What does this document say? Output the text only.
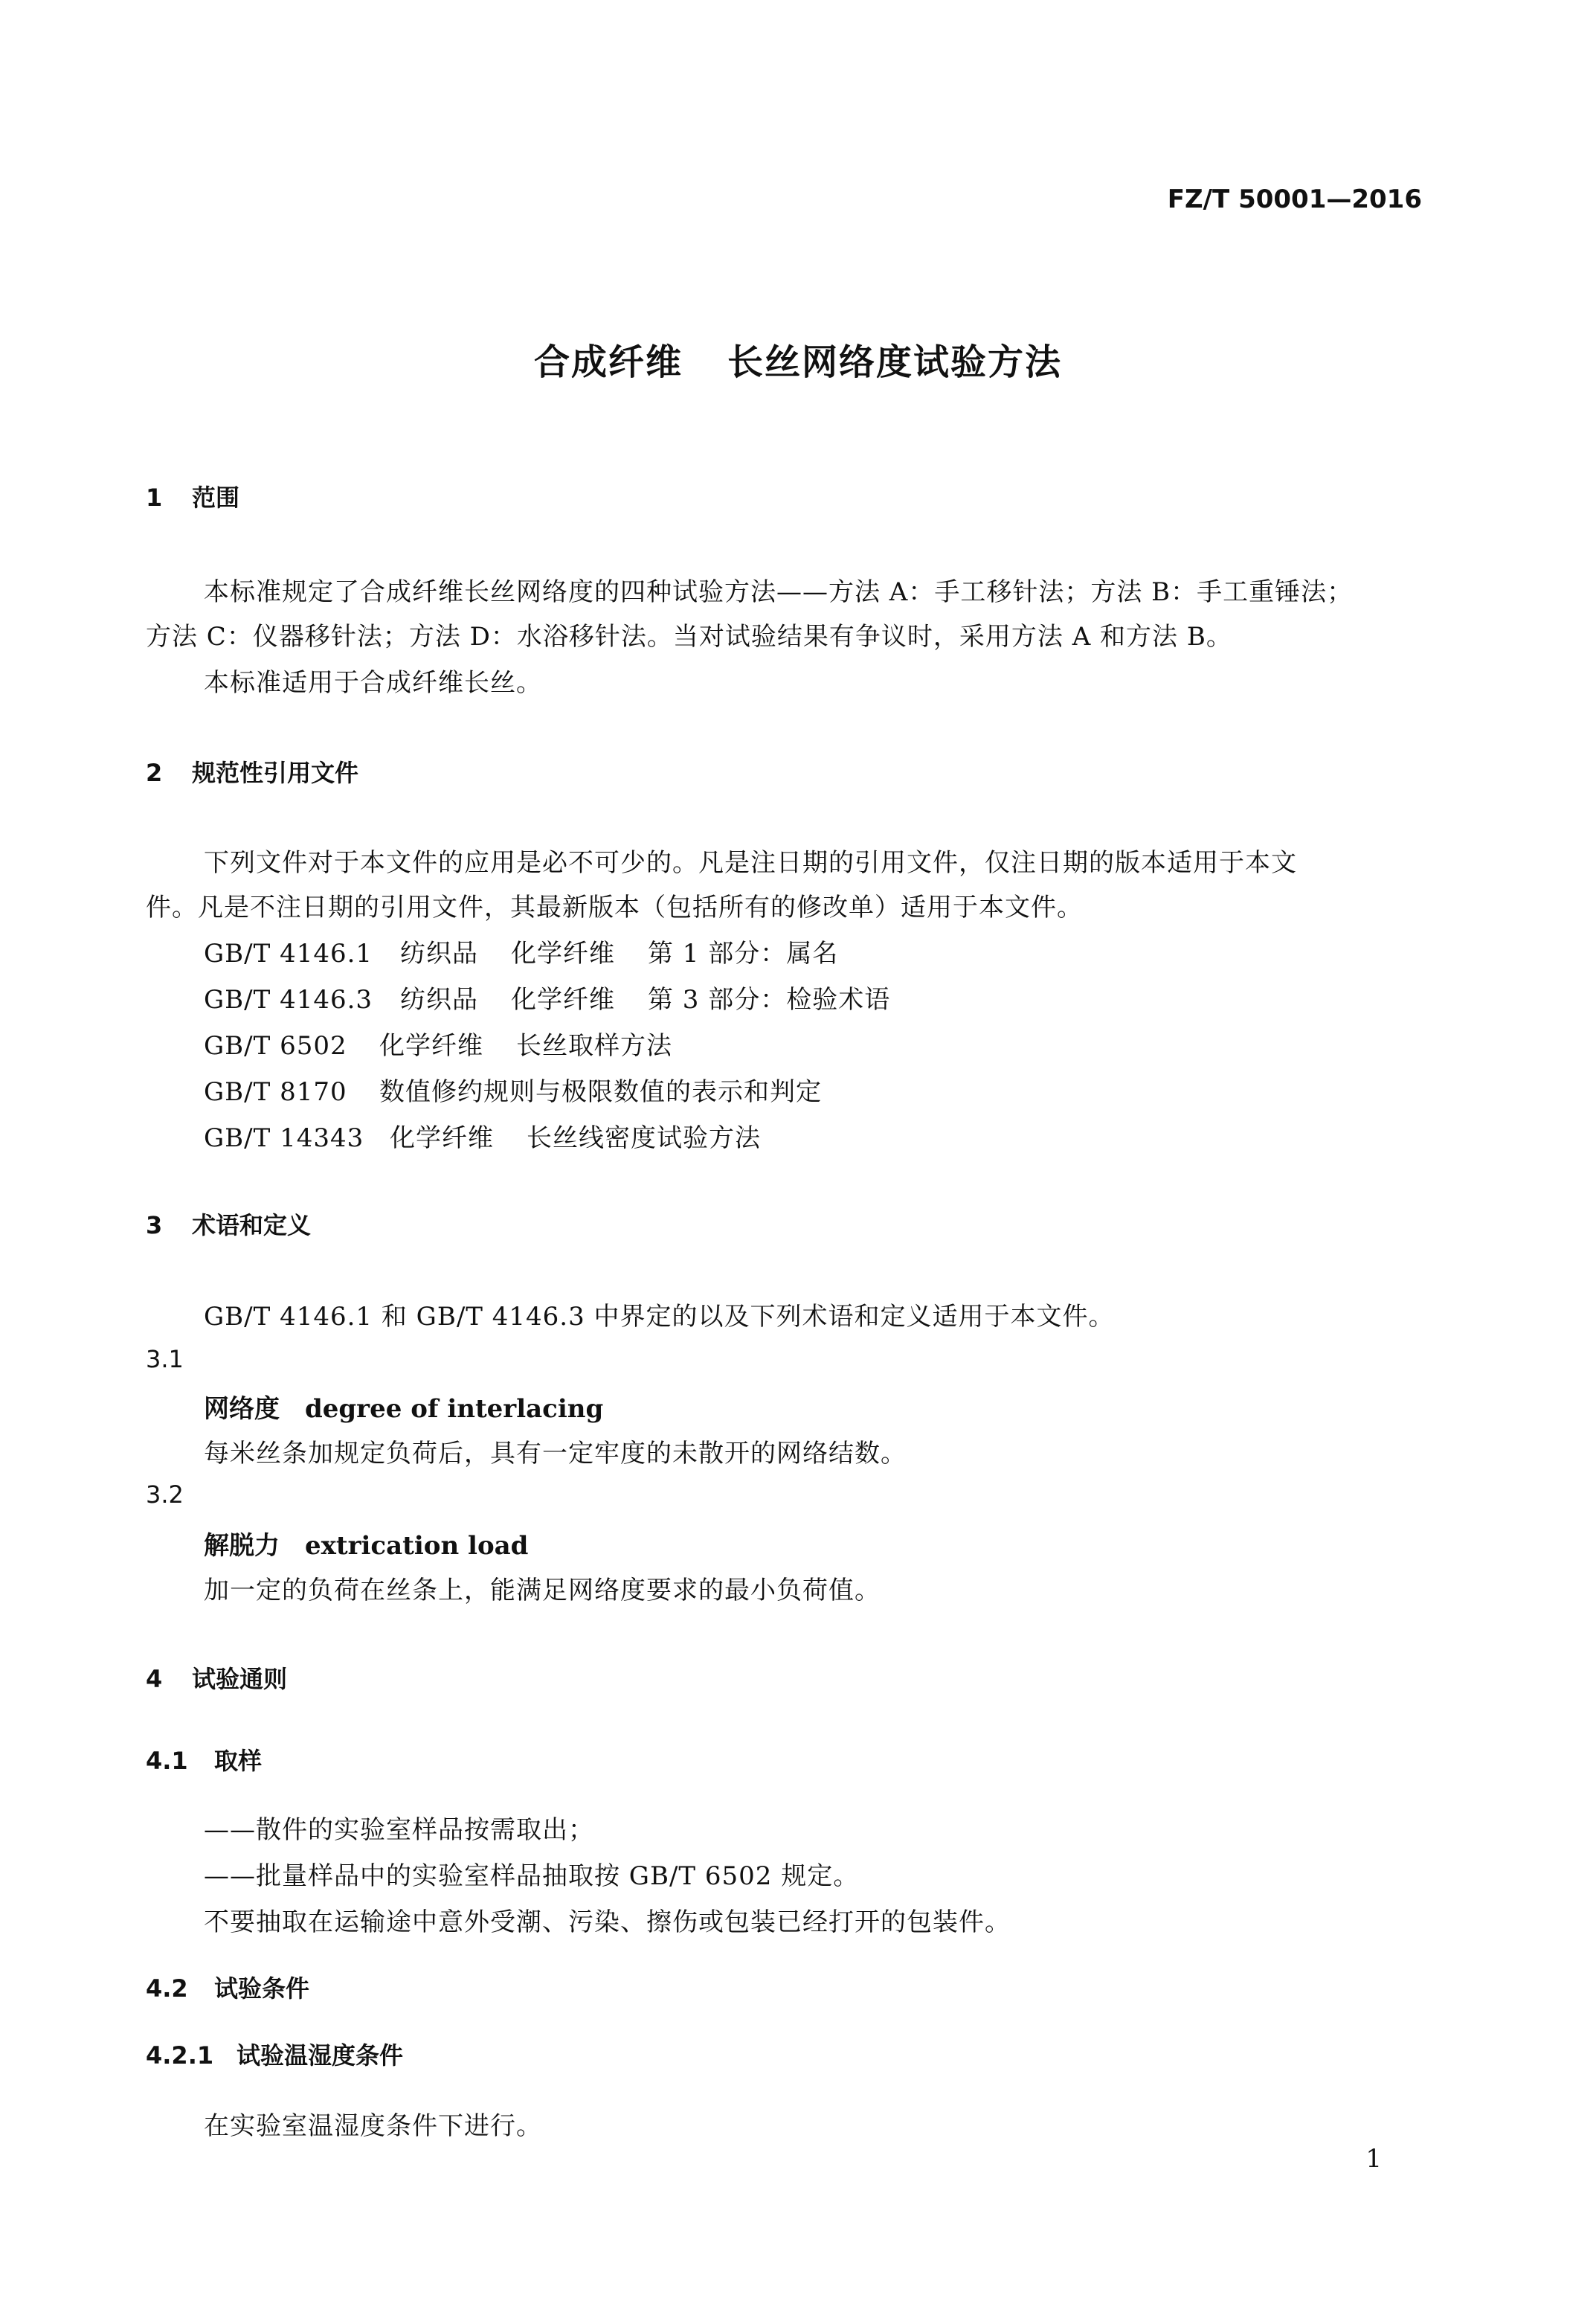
FZ/T 50001—2016
合成纤维 长丝网络度试验方法
1 范围
本标准规定了合成纤维长丝网络度的四种试验方法——方法 A：手工移针法；方法 B：手工重锤法；
方法 C：仪器移针法；方法 D：水浴移针法。当对试验结果有争议时，采用方法 A 和方法 B。
本标准适用于合成纤维长丝。
2 规范性引用文件
下列文件对于本文件的应用是必不可少的。凡是注日期的引用文件，仅注日期的版本适用于本文
件。凡是不注日期的引用文件，其最新版本（包括所有的修改单）适用于本文件。
GB/T 4146.1 纺织品 化学纤维 第 1 部分：属名
GB/T 4146.3 纺织品 化学纤维 第 3 部分：检验术语
GB/T 6502 化学纤维 长丝取样方法
GB/T 8170 数值修约规则与极限数值的表示和判定
GB/T 14343 化学纤维 长丝线密度试验方法
3 术语和定义
GB/T 4146.1 和 GB/T 4146.3 中界定的以及下列术语和定义适用于本文件。
3.1
网络度 degree of interlacing
每米丝条加规定负荷后，具有一定牢度的未散开的网络结数。
3.2
解脱力 extrication load
加一定的负荷在丝条上，能满足网络度要求的最小负荷值。
4 试验通则
4.1 取样
——散件的实验室样品按需取出；
——批量样品中的实验室样品抽取按 GB/T 6502 规定。
不要抽取在运输途中意外受潮、污染、擦伤或包装已经打开的包装件。
4.2 试验条件
4.2.1 试验温湿度条件
在实验室温湿度条件下进行。
1
